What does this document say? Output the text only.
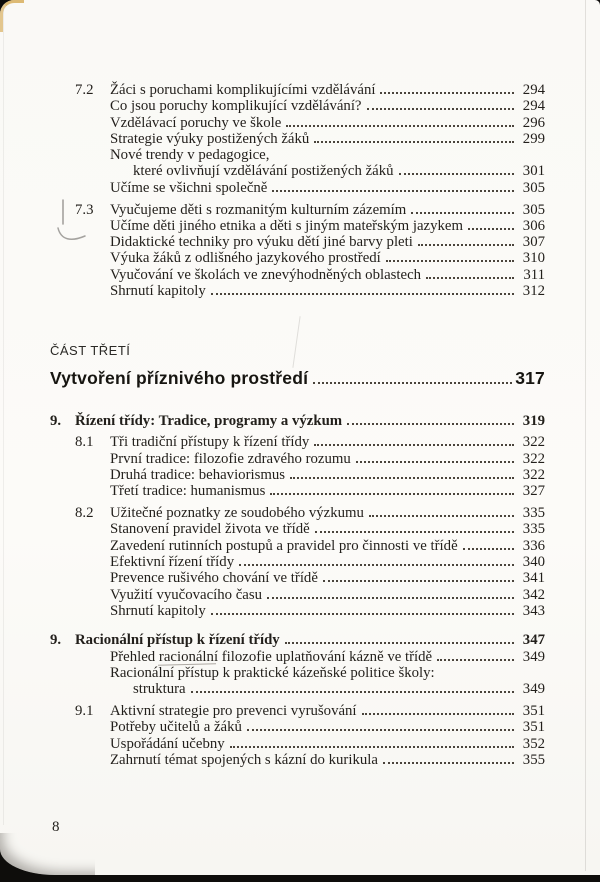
7.2	Žáci s poruchami komplikujícími vzdělávání	294
Co jsou poruchy komplikující vzdělávání?	294
Vzdělávací poruchy ve škole	296
Strategie výuky postižených žáků	299
Nové trendy v pedagogice,
které ovlivňují vzdělávání postižených žáků	301
Učíme se všichni společně	305
7.3	Vyučujeme děti s rozmanitým kulturním zázemím	305
Učíme děti jiného etnika a děti s jiným mateřským jazykem	306
Didaktické techniky pro výuku dětí jiné barvy pleti	307
Výuka žáků z odlišného jazykového prostředí	310
Vyučování ve školách ve znevýhodněných oblastech	311
Shrnutí kapitoly	312
ČÁST TŘETÍ
Vytvoření příznivého prostředí	317
9. Řízení třídy: Tradice, programy a výzkum	319
8.1	Tři tradiční přístupy k řízení třídy	322
První tradice: filozofie zdravého rozumu	322
Druhá tradice: behaviorismus	322
Třetí tradice: humanismus	327
8.2	Užitečné poznatky ze soudobého výzkumu	335
Stanovení pravidel života ve třídě	335
Zavedení rutinních postupů a pravidel pro činnosti ve třídě	336
Efektivní řízení třídy	340
Prevence rušivého chování ve třídě	341
Využití vyučovacího času	342
Shrnutí kapitoly	343
9. Racionální přístup k řízení třídy	347
Přehled racionální filozofie uplatňování kázně ve třídě	349
Racionální přístup k praktické kázeňské politice školy:
struktura	349
9.1	Aktivní strategie pro prevenci vyrušování	351
Potřeby učitelů a žáků	351
Uspořádání učebny	352
Zahrnutí témat spojených s kázní do kurikula	355
8
